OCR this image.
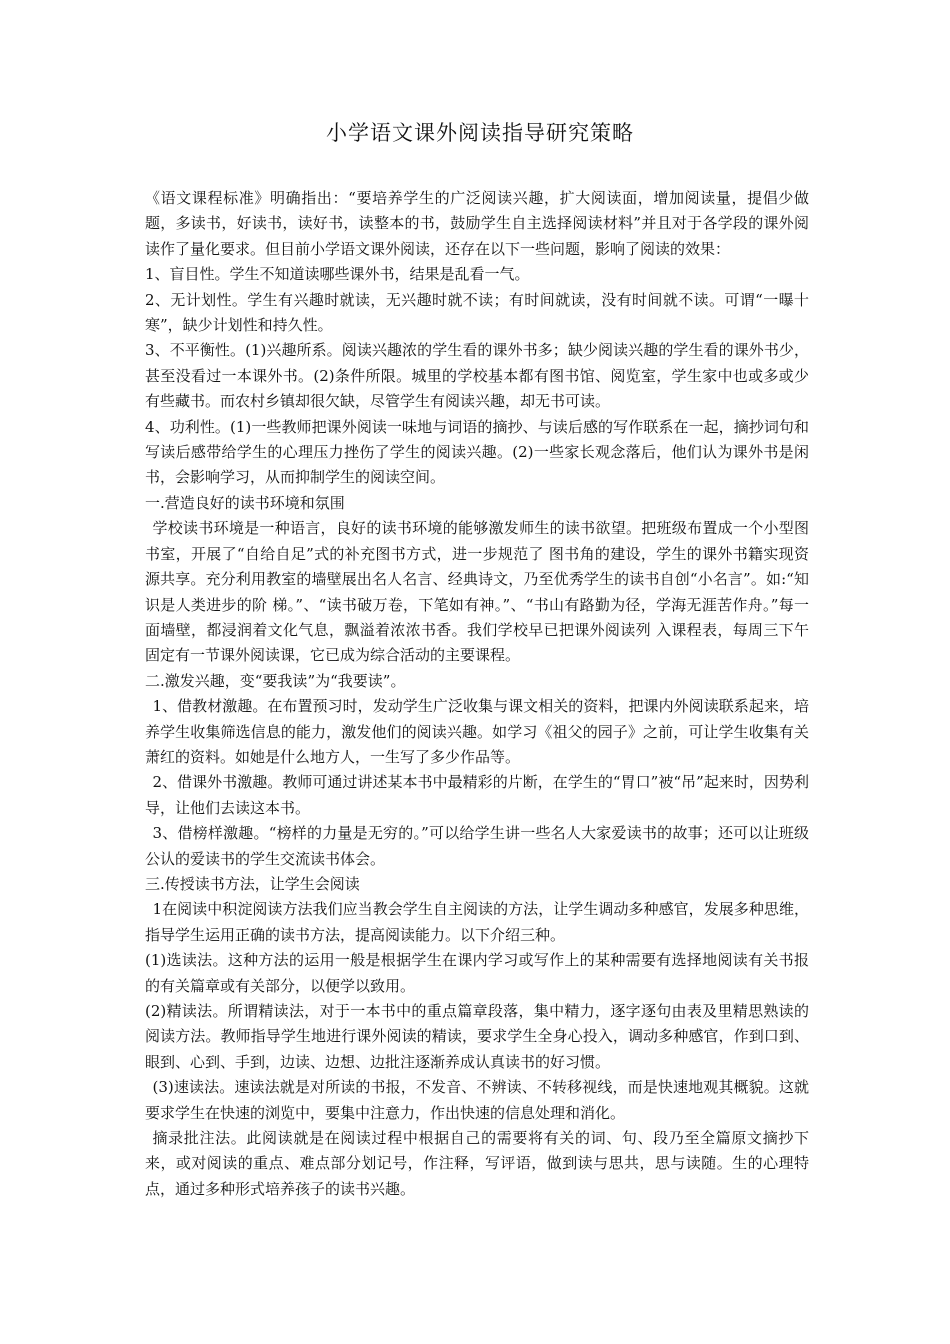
小学语文课外阅读指导研究策略

《语文课程标准》明确指出：“要培养学生的广泛阅读兴趣，扩大阅读面，增加阅读量，提倡少做题，多读书，好读书，读好书，读整本的书，鼓励学生自主选择阅读材料”并且对于各学段的课外阅读作了量化要求。但目前小学语文课外阅读，还存在以下一些问题，影响了阅读的效果：

1、盲目性。学生不知道读哪些课外书，结果是乱看一气。

2、无计划性。学生有兴趣时就读，无兴趣时就不读；有时间就读，没有时间就不读。可谓“一曝十寒”，缺少计划性和持久性。

3、不平衡性。(1)兴趣所系。阅读兴趣浓的学生看的课外书多；缺少阅读兴趣的学生看的课外书少，甚至没看过一本课外书。(2)条件所限。城里的学校基本都有图书馆、阅览室，学生家中也或多或少有些藏书。而农村乡镇却很欠缺，尽管学生有阅读兴趣，却无书可读。

4、功利性。(1)一些教师把课外阅读一味地与词语的摘抄、与读后感的写作联系在一起，摘抄词句和写读后感带给学生的心理压力挫伤了学生的阅读兴趣。(2)一些家长观念落后，他们认为课外书是闲书，会影响学习，从而抑制学生的阅读空间。

一.营造良好的读书环境和氛围

学校读书环境是一种语言，良好的读书环境的能够激发师生的读书欲望。把班级布置成一个小型图书室，开展了“自给自足”式的补充图书方式，进一步规范了 图书角的建设，学生的课外书籍实现资源共享。充分利用教室的墙壁展出名人名言、经典诗文，乃至优秀学生的读书自创“小名言”。如:“知识是人类进步的阶 梯。”、“读书破万卷，下笔如有神。”、“书山有路勤为径，学海无涯苦作舟。”每一面墙壁，都浸润着文化气息，飘溢着浓浓书香。我们学校早已把课外阅读列 入课程表，每周三下午固定有一节课外阅读课，它已成为综合活动的主要课程。

二.激发兴趣，变“要我读”为“我要读”。

1、借教材激趣。在布置预习时，发动学生广泛收集与课文相关的资料，把课内外阅读联系起来，培养学生收集筛选信息的能力，激发他们的阅读兴趣。如学习《祖父的园子》之前，可让学生收集有关萧红的资料。如她是什么地方人，一生写了多少作品等。

2、借课外书激趣。教师可通过讲述某本书中最精彩的片断，在学生的“胃口”被“吊”起来时，因势利导，让他们去读这本书。

3、借榜样激趣。“榜样的力量是无穷的。”可以给学生讲一些名人大家爱读书的故事；还可以让班级公认的爱读书的学生交流读书体会。

三.传授读书方法，让学生会阅读

1在阅读中积淀阅读方法我们应当教会学生自主阅读的方法，让学生调动多种感官，发展多种思维，指导学生运用正确的读书方法，提高阅读能力。以下介绍三种。

(1)选读法。这种方法的运用一般是根据学生在课内学习或写作上的某种需要有选择地阅读有关书报的有关篇章或有关部分，以便学以致用。

(2)精读法。所谓精读法，对于一本书中的重点篇章段落，集中精力，逐字逐句由表及里精思熟读的阅读方法。教师指导学生地进行课外阅读的精读，要求学生全身心投入，调动多种感官，作到口到、眼到、心到、手到，边读、边想、边批注逐渐养成认真读书的好习惯。

(3)速读法。速读法就是对所读的书报，不发音、不辨读、不转移视线，而是快速地观其概貌。这就要求学生在快速的浏览中，要集中注意力，作出快速的信息处理和消化。

摘录批注法。此阅读就是在阅读过程中根据自己的需要将有关的词、句、段乃至全篇原文摘抄下来，或对阅读的重点、难点部分划记号，作注释，写评语，做到读与思共，思与读随。生的心理特点，通过多种形式培养孩子的读书兴趣。
